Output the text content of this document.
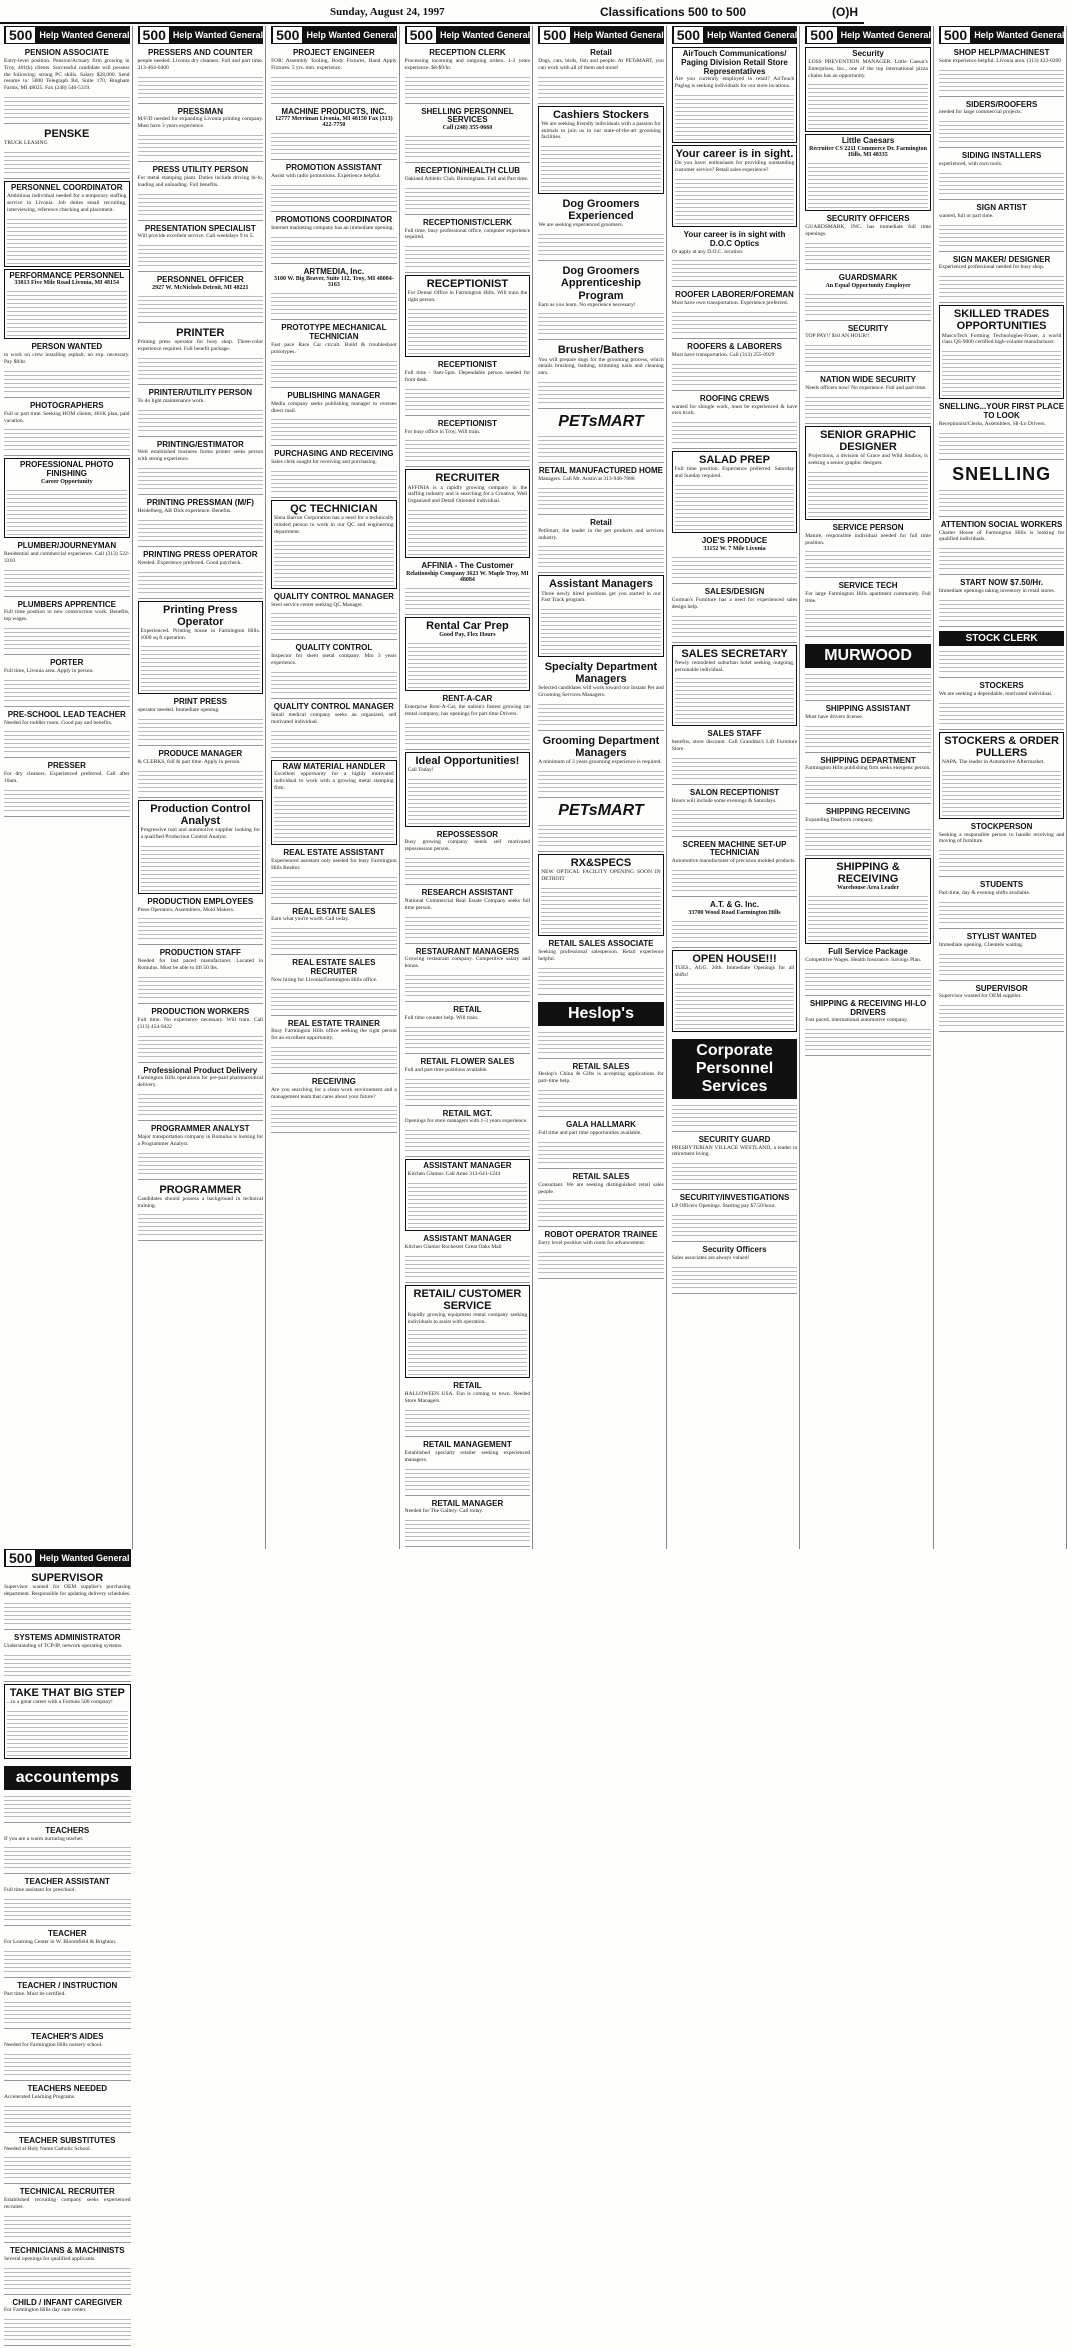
Sunday, August 24, 1997	Classifications 500 to 500	(O)H
500 Help Wanted General
PENSION ASSOCIATE
Entry-level position. Pension/Actuary firm growing in Troy, 401(k) clients. Successful candidate will possess the following: strong PC skills. Salary $28,000. Send resume to: 5800 Telegraph Rd, Suite 170, Bingham Farms, MI 48025. Fax (248) 540-5319.
PENSKE
TRUCK LEASING
PERSONNEL COORDINATOR
Ambitious individual needed for a temporary staffing service in Livonia. Job duties entail recruiting, interviewing, reference checking and placement.
PERFORMANCE PERSONNEL
33813 Five Mile Road Livonia, MI 48154
PERSON WANTED
to work on crew installing asphalt, no exp. necessary. Pay $8/hr.
PHOTOGRAPHERS
Full or part time. Seeking HOM clients, 401K plan, paid vacation.
PROFESSIONAL PHOTO FINISHING
Career Opportunity
PLUMBER/JOURNEYMAN
Residential and commercial experience. Call (313) 522-3310
PLUMBERS APPRENTICE
Full time position in new construction work. Benefits, top wages.
PORTER
Full time, Livonia area. Apply in person.
PRE-SCHOOL LEAD TEACHER
Needed for toddler room. Good pay and benefits.
PRESSER
For dry cleaners. Experienced preferred. Call after 10am.
500 Help Wanted General
PRESSERS AND COUNTER
people needed. Livonia dry cleaners. Full and part time. 313-464-0400
PRESSMAN
M/F/D needed for expanding Livonia printing company. Must have 3 years experience.
PRESS UTILITY PERSON
For metal stamping plant. Duties include driving hi-lo, loading and unloading. Full benefits.
PRESENTATION SPECIALIST
Will provide excellent service. Call weekdays 9 to 5.
PERSONNEL OFFICER
2927 W. McNichols Detroit, MI 48221
PRINTER
Printing press operator for busy shop. Three-color experience required. Full benefit package.
PRINTER/UTILITY PERSON
To do light maintenance work.
PRINTING/ESTIMATOR
Well established business forms printer seeks person with strong experience.
PRINTING PRESSMAN (M/F)
Heidelberg, AB Dick experience. Benefits.
PRINTING PRESS OPERATOR
Needed. Experience preferred. Good paycheck.
Printing Press Operator
Experienced. Printing house in Farmington Hills. 1000 sq ft operation.
PRINT PRESS
operator needed. Immediate opening.
PRODUCE MANAGER
& CLERKS, full & part time. Apply in person.
Production Control Analyst
Progressive tool and automotive supplier looking for a qualified Production Control Analyst.
PRODUCTION EMPLOYEES
Press Operators, Assemblers, Mold Makers.
PRODUCTION STAFF
Needed for fast paced manufacturer. Located in Romulus. Must be able to lift 50 lbs.
PRODUCTION WORKERS
Full time. No experience necessary. Will train. Call (313) 454-9422
Professional Product Delivery
Farmington Hills operations for pre-paid pharmaceutical delivery.
PROGRAMMER ANALYST
Major transportation company in Romulus is looking for a Programmer Analyst.
PROGRAMMER
Candidates should possess a background in technical training.
500 Help Wanted General
PROJECT ENGINEER
FOR: Assembly Tooling, Body Fixtures, Hand Apply Fixtures. 5 yrs. min. experience.
MACHINE PRODUCTS, INC.
12777 Merriman Livonia, MI 48150 Fax (313) 422-7750
PROMOTION ASSISTANT
Assist with radio promotions. Experience helpful.
PROMOTIONS COORDINATOR
Internet marketing company has an immediate opening.
ARTMEDIA, Inc.
3100 W. Big Beaver, Suite 112, Troy, MI 48084-3163
PROTOTYPE MECHANICAL TECHNICIAN
Fast pace Race Car circuit. Build & troubleshoot prototypes.
PUBLISHING MANAGER
Media company seeks publishing manager to oversee direct mail.
PURCHASING AND RECEIVING
Sales clerk sought for receiving and purchasing.
QC TECHNICIAN
Sinta Barron Corporation has a need for a technically minded person to work in our QC and engineering department.
QUALITY CONTROL MANAGER
Steel service center seeking QC Manager.
QUALITY CONTROL
Inspector for sheet metal company. Min 3 years experience.
QUALITY CONTROL MANAGER
Small medical company seeks an organized, self motivated individual.
RAW MATERIAL HANDLER
Excellent opportunity for a highly motivated individual to work with a growing metal stamping firm.
REAL ESTATE ASSISTANT
Experienced assistant only needed for busy Farmington Hills Realtor.
REAL ESTATE SALES
Earn what you're worth. Call today.
REAL ESTATE SALES RECRUITER
Now hiring for Livonia/Farmington Hills office.
REAL ESTATE TRAINER
Busy Farmington Hills office seeking the right person for an excellent opportunity.
RECEIVING
Are you searching for a clean work environment and a management team that cares about your future?
500 Help Wanted General
RECEPTION CLERK
Processing incoming and outgoing orders. 1-2 years experience. $8-$9/hr.
SHELLING PERSONNEL SERVICES
Call (248) 355-0660
RECEPTION/HEALTH CLUB
Oakland Athletic Club, Birmingham. Full and Part time.
RECEPTIONIST/CLERK
Full time, busy professional office, computer experience required.
RECEPTIONIST
For Dental Office in Farmington Hills. Will train the right person.
RECEPTIONIST
Full time - 9am-5pm. Dependable person needed for front desk.
RECEPTIONIST
For busy office in Troy. Will train.
RECRUITER
AFFINIA is a rapidly growing company in the staffing industry and is searching for a Creative, Well Organized and Detail Oriented individual.
AFFINIA - The Customer
Relationship Company 3623 W. Maple Troy, MI 48084
Rental Car Prep
Good Pay, Flex Hours
RENT-A-CAR
Enterprise Rent-A-Car, the nation's fastest growing car rental company, has openings for part time Drivers.
Ideal Opportunities!
Call Today!
REPOSSESSOR
Busy growing company needs self motivated repossession person.
RESEARCH ASSISTANT
National Commercial Real Estate Company seeks full time person.
RESTAURANT MANAGERS
Growing restaurant company. Competitive salary and bonus.
RETAIL
Full time counter help. Will train.
RETAIL FLOWER SALES
Full and part time positions available.
RETAIL MGT.
Openings for store managers with 1-3 years experience.
ASSISTANT MANAGER
Kitchen Glamor. Call Anne 313-641-1244
ASSISTANT MANAGER
Kitchen Glamor Rochester Great Oaks Mall
RETAIL/ CUSTOMER SERVICE
Rapidly growing equipment rental company seeking individuals to assist with operation.
RETAIL
HALLOWEEN USA. Fun is coming to town. Needed Store Managers.
RETAIL MANAGEMENT
Established specialty retailer seeking experienced managers.
RETAIL MANAGER
Needed for The Gallery. Call today.
500 Help Wanted General
Retail
Dogs, cats, birds, fish and people. At PETsMART, you can work with all of them and more!
Cashiers Stockers
We are seeking friendly individuals with a passion for animals to join us in our state-of-the-art grooming facilities.
Dog Groomers Experienced
We are seeking experienced groomers.
Dog Groomers Apprenticeship Program
Earn as you learn. No experience necessary!
Brusher/Bathers
You will prepare dogs for the grooming process, which entails brushing, bathing, trimming nails and cleaning ears.
PETsMART
RETAIL MANUFACTURED HOME
Managers. Call Mr. Austin at 313-946-7888
Retail
PetSmart, the leader in the pet products and services industry.
Assistant Managers
Three newly hired positions get you started in our Fast Track program.
Specialty Department Managers
Selected candidates will work toward our Instant Pet and Grooming Services Managers.
Grooming Department Managers
A minimum of 3 years grooming experience is required.
PETsMART
RX&SPECS
NEW OPTICAL FACILITY OPENING SOON IN DETROIT
RETAIL SALES ASSOCIATE
Seeking professional salesperson. Retail experience helpful.
Heslop's
RETAIL SALES
Heslop's China & Gifts is accepting applications for part-time help.
GALA HALLMARK
Full time and part time opportunities available.
RETAIL SALES
Consultant. We are seeking distinguished retail sales people.
ROBOT OPERATOR TRAINEE
Entry level position with room for advancement.
500 Help Wanted General
AirTouch Communications/ Paging Division Retail Store Representatives
Are you currently employed in retail? AirTouch Paging is seeking individuals for our store locations.
Your career is in sight.
Do you have: enthusiasm for providing outstanding customer service? Retail sales experience?
Your career is in sight with D.O.C Optics
Or apply at any D.O.C. location.
ROOFER LABORER/FOREMAN
Must have own transportation. Experience preferred.
ROOFERS & LABORERS
Must have transportation. Call (313) 255-0929
ROOFING CREWS
wanted for shingle work, must be experienced & have own truck.
SALAD PREP
Full time position. Experience preferred. Saturday and Sunday required.
JOE'S PRODUCE
33152 W. 7 Mile Livonia
SALES/DESIGN
Gorman's Furniture has a need for experienced sales design help.
SALES SECRETARY
Newly remodeled suburban hotel seeking outgoing, personable individual.
SALES STAFF
benefits, store discount. Call Grandma's Lift Furniture Store.
SALON RECEPTIONIST
Hours will include some evenings & Saturdays.
SCREEN MACHINE SET-UP TECHNICIAN
Automotive manufacturer of precision molded products.
A.T. & G. Inc.
33700 Wood Road Farmington Hills
OPEN HOUSE!!!
TUES., AUG. 26th. Immediate Openings for all shifts!
Corporate Personnel Services
SECURITY GUARD
PRESBYTERIAN VILLAGE WESTLAND, a leader in retirement living.
SECURITY/INVESTIGATIONS
LP Officers Openings. Starting pay $7.50/hour.
Security Officers
Sales associates are always valued!
500 Help Wanted General
Security
LOSS PREVENTION MANAGER. Little Caesar's Enterprises, Inc., one of the top international pizza chains has an opportunity.
Little Caesars
Recruiter CS 2211 Commerce Dr. Farmington Hills, MI 48335
SECURITY OFFICERS
GUARDSMARK, INC. has immediate full time openings.
GUARDSMARK
An Equal Opportunity Employer
SECURITY
TOP PAY!! $10 AN HOUR!!
NATION WIDE SECURITY
Needs officers now! No experience. Full and part time.
SENIOR GRAPHIC DESIGNER
Projections, a division of Grace and Wild Studios, is seeking a senior graphic designer.
SERVICE PERSON
Mature, responsible individual needed for full time position.
SERVICE TECH
For large Farmington Hills apartment community. Full time.
MURWOOD
SHIPPING ASSISTANT
Must have drivers license.
SHIPPING DEPARTMENT
Farmington Hills publishing firm seeks energetic person.
SHIPPING RECEIVING
Expanding Dearborn company.
SHIPPING & RECEIVING
Warehouse Area Leader
Full Service Package
Competitive Wages. Health Insurance. Savings Plan.
SHIPPING & RECEIVING HI-LO DRIVERS
Fast paced, international automotive company.
500 Help Wanted General
SHOP HELP/MACHINEST
Some experience helpful. Livonia area. (313) 422-0200
SIDERS/ROOFERS
needed for large commercial projects.
SIDING INSTALLERS
experienced, with own tools.
SIGN ARTIST
wanted, full or part time.
SIGN MAKER/ DESIGNER
Experienced professional needed for busy shop.
SKILLED TRADES OPPORTUNITIES
MascoTech Forming Technologies-Fraser, a world class QS-9000 certified high-volume manufacturer.
SNELLING...YOUR FIRST PLACE TO LOOK
Receptionist/Clerks, Assemblers, Hi-Lo Drivers.
SNELLING
ATTENTION SOCIAL WORKERS
Charter House of Farmington Hills is looking for qualified individuals.
START NOW $7.50/Hr.
Immediate openings taking inventory in retail stores.
STOCK CLERK
STOCKERS
We are seeking a dependable, motivated individual.
STOCKERS & ORDER PULLERS
NAPA. The leader in Automotive Aftermarket.
STOCKPERSON
Seeking a responsible person to handle receiving and moving of furniture.
STUDENTS
Part-time, day & evening shifts available.
STYLIST WANTED
Immediate opening. Clientele waiting.
SUPERVISOR
Supervisor wanted for OEM supplier.
500 Help Wanted General
SUPERVISOR
Supervisor wanted for OEM supplier's purchasing department. Responsible for updating delivery schedules.
SYSTEMS ADMINISTRATOR
Understanding of TCP/IP, network operating systems.
TAKE THAT BIG STEP
...to a great career with a Fortune 500 company!
accountemps
TEACHERS
If you are a warm nurturing teacher.
TEACHER ASSISTANT
Full time assistant for preschool.
TEACHER
For Learning Center in W. Bloomfield & Brighton.
TEACHER / INSTRUCTION
Part time. Must be certified.
TEACHER'S AIDES
Needed for Farmington Hills nursery school.
TEACHERS NEEDED
Accelerated Learning Programs.
TEACHER SUBSTITUTES
Needed at Holy Name Catholic School.
TECHNICAL RECRUITER
Established recruiting company seeks experienced recruiter.
TECHNICIANS & MACHINISTS
Several openings for qualified applicants.
CHILD / INFANT CAREGIVER
For Farmington Hills day care center.
